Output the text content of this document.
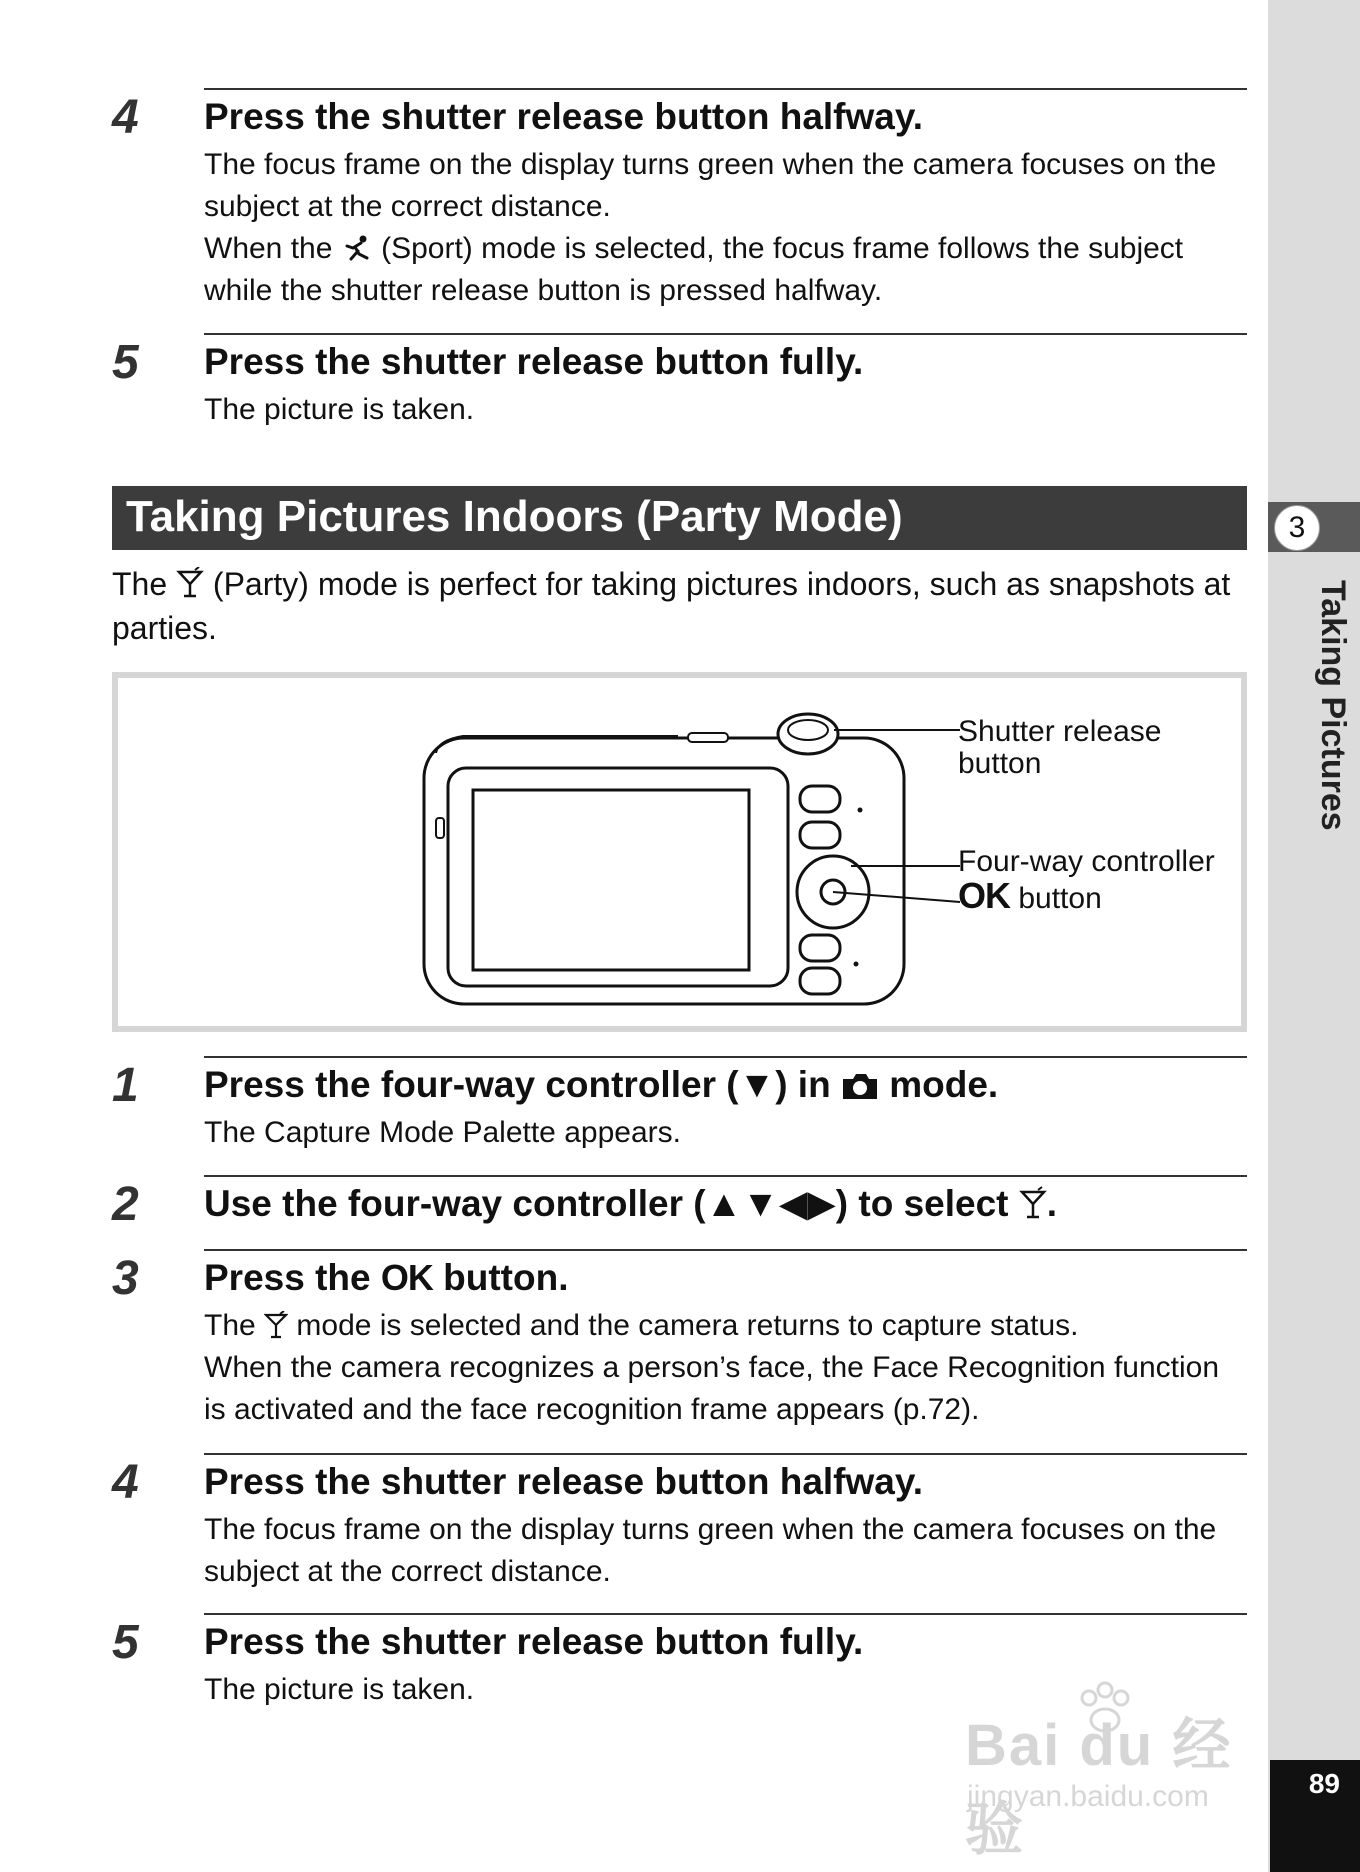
3
Taking Pictures
89
Bai du 经验
jingyan.baidu.com
4	Press the shutter release button halfway.

The focus frame on the display turns green when the camera focuses on the subject at the correct distance.

When the (Sport) mode is selected, the focus frame follows the subject while the shutter release button is pressed halfway.

5	Press the shutter release button fully.

The picture is taken.

Taking Pictures Indoors (Party Mode)
The (Party) mode is perfect for taking pictures indoors, such as snapshots at parties.
Shutter release
button
Four-way controller
OK button
1	Press the four-way controller (▼) in mode.

The Capture Mode Palette appears.

2	Use the four-way controller (▲▼◀▶) to select .
3	Press the OK button.

The mode is selected and the camera returns to capture status.

When the camera recognizes a person’s face, the Face Recognition function is activated and the face recognition frame appears (p.72).

4	Press the shutter release button halfway.

The focus frame on the display turns green when the camera focuses on the subject at the correct distance.

5	Press the shutter release button fully.

The picture is taken.
